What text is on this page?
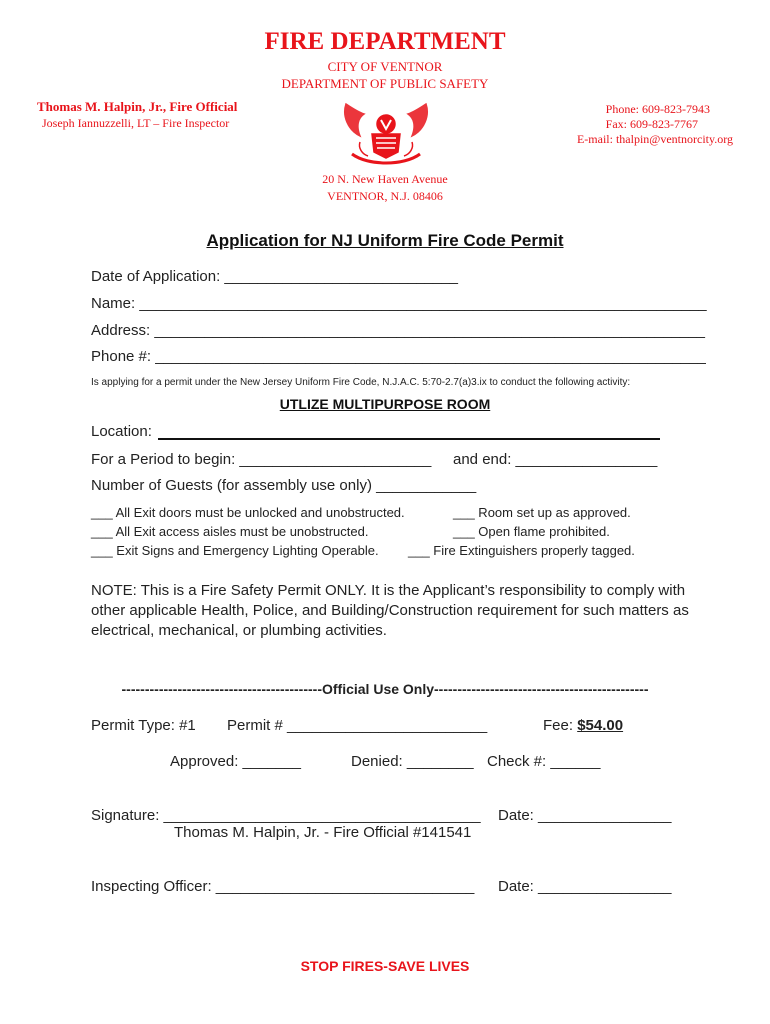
FIRE DEPARTMENT
CITY OF VENTNOR
DEPARTMENT OF PUBLIC SAFETY
Thomas M. Halpin, Jr., Fire Official
Joseph Iannuzzelli, LT – Fire Inspector
Phone: 609-823-7943
Fax: 609-823-7767
E-mail: thalpin@ventnorcity.org
20 N. New Haven Avenue
VENTNOR, N.J. 08406
Application for NJ Uniform Fire Code Permit
Date of Application: ____________________________
Name: ____________________________________________________________________
Address: __________________________________________________________________
Phone #: __________________________________________________________________
Is applying for a permit under the New Jersey Uniform Fire Code, N.J.A.C. 5:70-2.7(a)3.ix to conduct the following activity:
UTLIZE MULTIPURPOSE ROOM
Location:
For a Period to begin: _______________________ and end: _________________
Number of Guests (for assembly use only) ____________
___ All Exit doors must be unlocked and unobstructed.
___ All Exit access aisles must be unobstructed.
___ Exit Signs and Emergency Lighting Operable.
___ Room set up as approved.
___ Open flame prohibited.
___ Fire Extinguishers properly tagged.
NOTE: This is a Fire Safety Permit ONLY. It is the Applicant’s responsibility to comply with other applicable Health, Police, and Building/Construction requirement for such matters as electrical, mechanical, or plumbing activities.
-------------------------------------------Official Use Only----------------------------------------------
Permit Type: #1 Permit # ________________________	Fee: $54.00
Approved: _______	Denied: ________ Check #: ______
Signature: ______________________________________ Date: ________________
Thomas M. Halpin, Jr. - Fire Official #141541
Inspecting Officer: _______________________________ Date: ________________
STOP FIRES-SAVE LIVES
